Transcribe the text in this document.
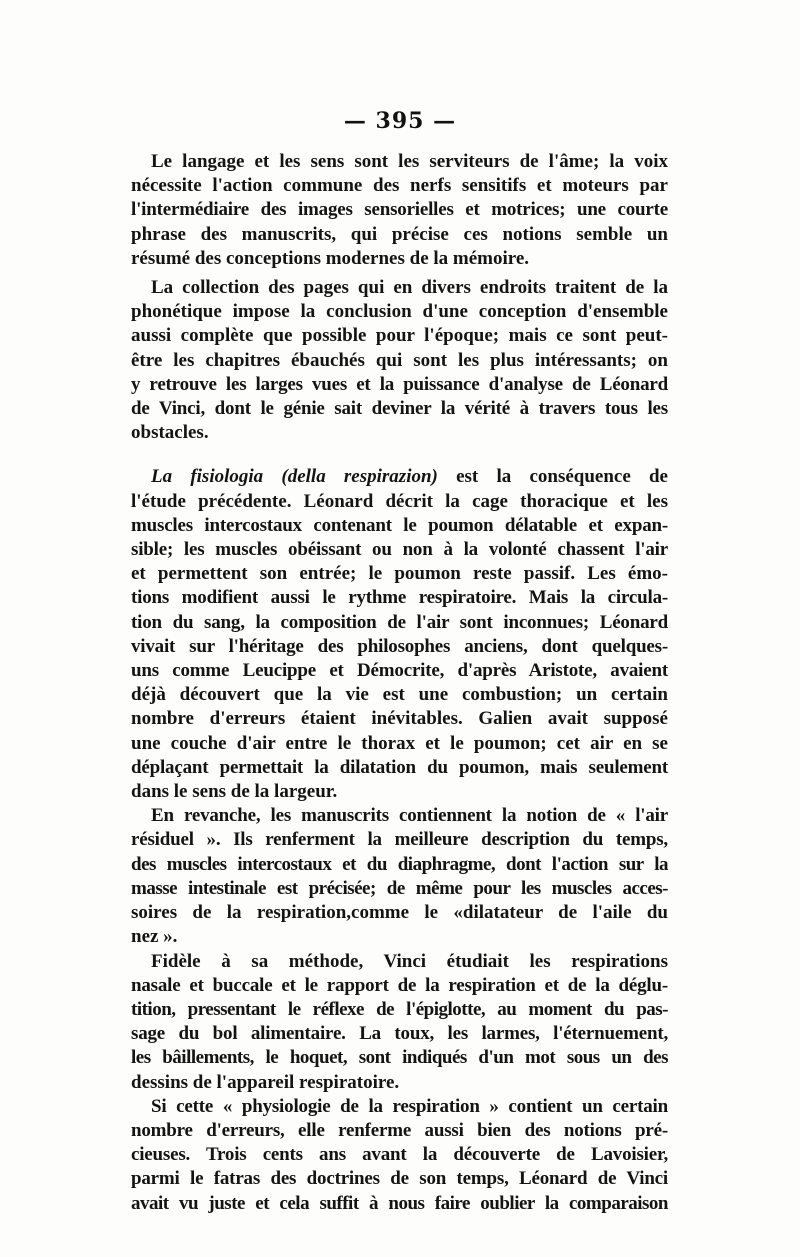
— 395 —
Le langage et les sens sont les serviteurs de l'âme; la voix
nécessite l'action commune des nerfs sensitifs et moteurs par
l'intermédiaire des images sensorielles et motrices; une courte
phrase des manuscrits, qui précise ces notions semble un
résumé des conceptions modernes de la mémoire.
La collection des pages qui en divers endroits traitent de la
phonétique impose la conclusion d'une conception d'ensemble
aussi complète que possible pour l'époque; mais ce sont peut-
être les chapitres ébauchés qui sont les plus intéressants; on
y retrouve les larges vues et la puissance d'analyse de Léonard
de Vinci, dont le génie sait deviner la vérité à travers tous les
obstacles.
La fisiologia (della respirazion) est la conséquence de
l'étude précédente. Léonard décrit la cage thoracique et les
muscles intercostaux contenant le poumon délatable et expan-
sible; les muscles obéissant ou non à la volonté chassent l'air
et permettent son entrée; le poumon reste passif. Les émo-
tions modifient aussi le rythme respiratoire. Mais la circula-
tion du sang, la composition de l'air sont inconnues; Léonard
vivait sur l'héritage des philosophes anciens, dont quelques-
uns comme Leucippe et Démocrite, d'après Aristote, avaient
déjà découvert que la vie est une combustion; un certain
nombre d'erreurs étaient inévitables. Galien avait supposé
une couche d'air entre le thorax et le poumon; cet air en se
déplaçant permettait la dilatation du poumon, mais seulement
dans le sens de la largeur.
En revanche, les manuscrits contiennent la notion de « l'air
résiduel ». Ils renferment la meilleure description du temps,
des muscles intercostaux et du diaphragme, dont l'action sur la
masse intestinale est précisée; de même pour les muscles acces-
soires de la respiration,comme le «dilatateur de l'aile du
nez ».
Fidèle à sa méthode, Vinci étudiait les respirations
nasale et buccale et le rapport de la respiration et de la déglu-
tition, pressentant le réflexe de l'épiglotte, au moment du pas-
sage du bol alimentaire. La toux, les larmes, l'éternuement,
les bâillements, le hoquet, sont indiqués d'un mot sous un des
dessins de l'appareil respiratoire.
Si cette « physiologie de la respiration » contient un certain
nombre d'erreurs, elle renferme aussi bien des notions pré-
cieuses. Trois cents ans avant la découverte de Lavoisier,
parmi le fatras des doctrines de son temps, Léonard de Vinci
avait vu juste et cela suffit à nous faire oublier la comparaison
